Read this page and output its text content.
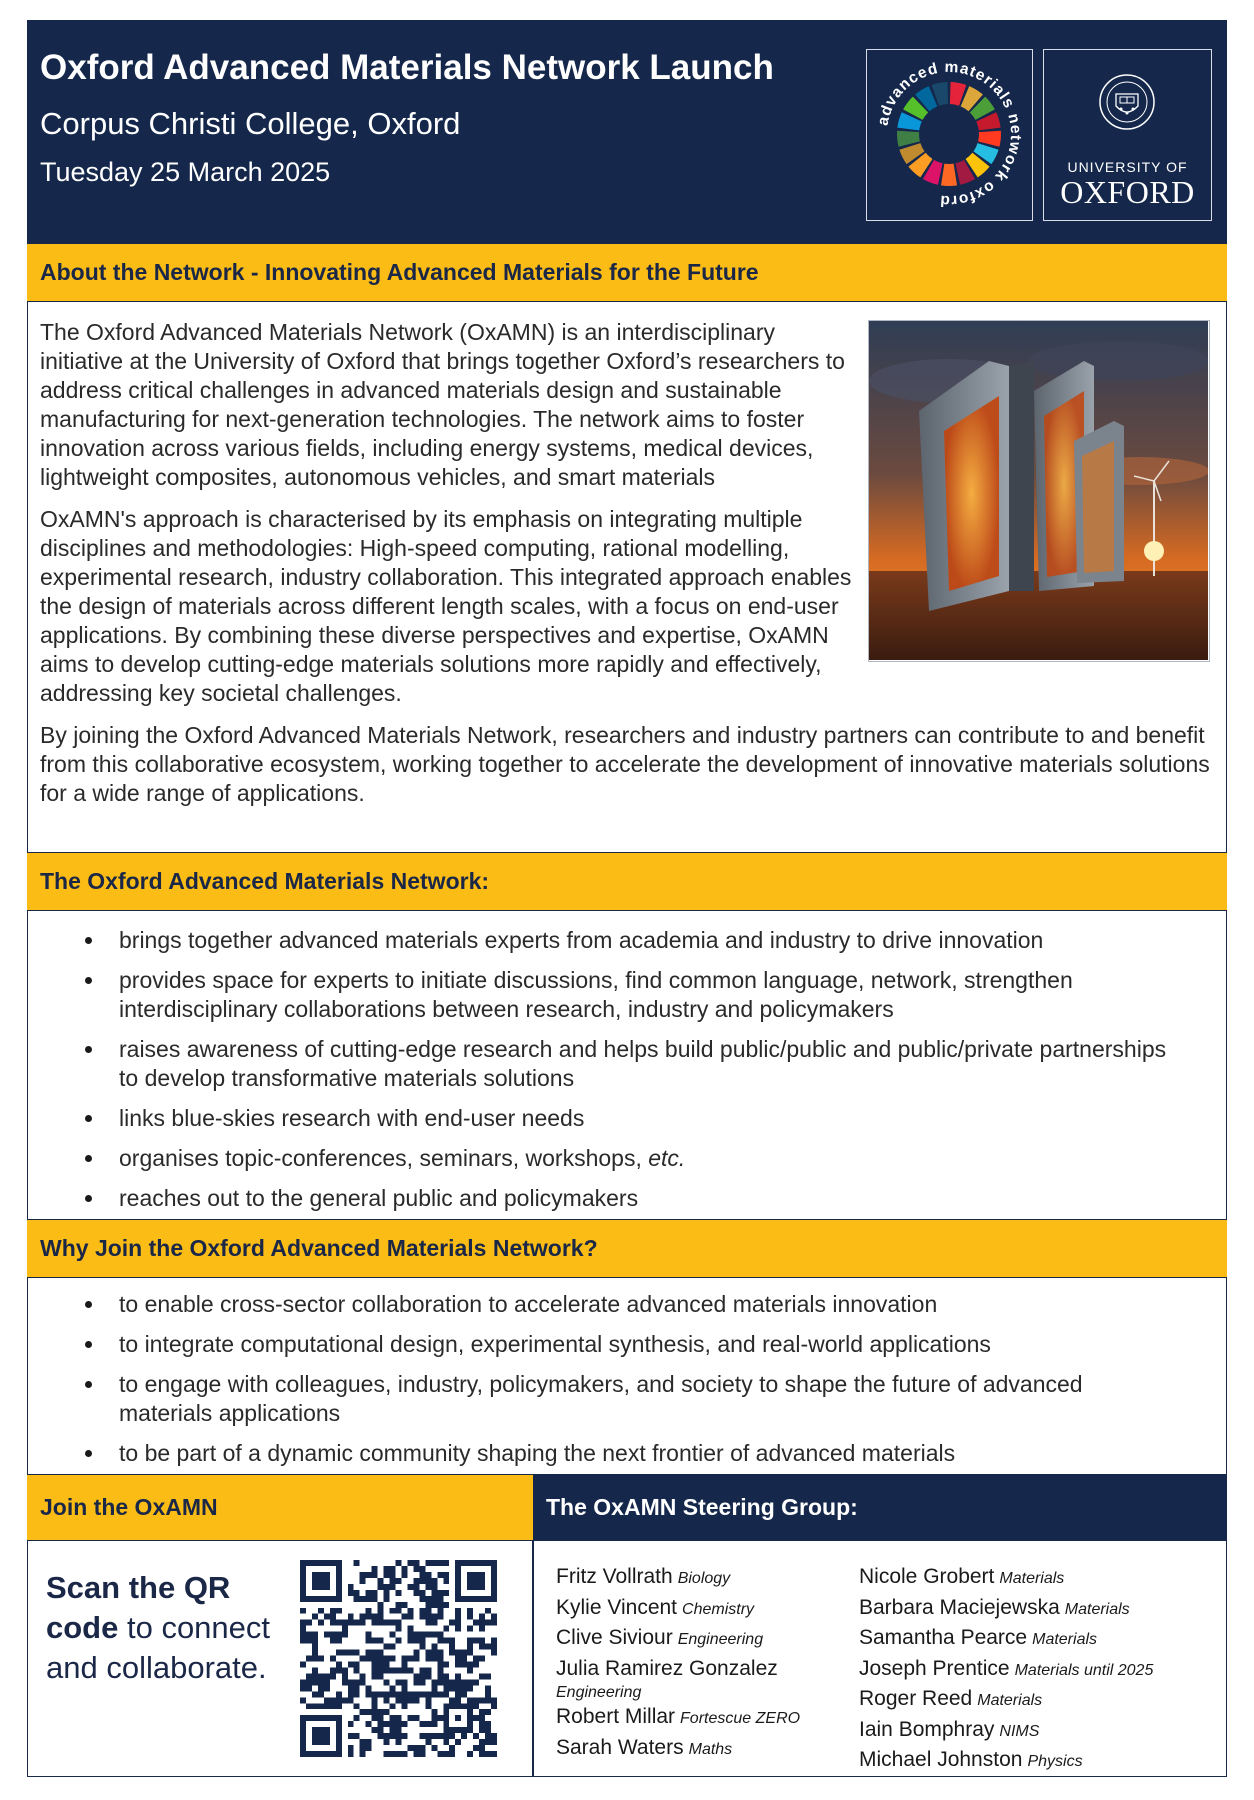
Oxford Advanced Materials Network Launch
Corpus Christi College, Oxford
Tuesday 25 March 2025
advanced materials network oxford
UNIVERSITY OF
OXFORD
About the Network - Innovating Advanced Materials for the Future

The Oxford Advanced Materials Network (OxAMN) is an interdisciplinary initiative at the University of Oxford that brings together Oxford’s researchers to address critical challenges in advanced materials design and sustainable manufacturing for next-generation technologies. The network aims to foster innovation across various fields, including energy systems, medical devices, lightweight composites, autonomous vehicles, and smart materials

OxAMN's approach is characterised by its emphasis on integrating multiple disciplines and methodologies: High-speed computing, rational modelling, experimental research, industry collaboration. This integrated approach enables the design of materials across different length scales, with a focus on end-user applications. By combining these diverse perspectives and expertise, OxAMN aims to develop cutting-edge materials solutions more rapidly and effectively, addressing key societal challenges.

By joining the Oxford Advanced Materials Network, researchers and industry partners can contribute to and benefit from this collaborative ecosystem, working together to accelerate the development of innovative materials solutions for a wide range of applications.

The Oxford Advanced Materials Network:
brings together advanced materials experts from academia and industry to drive innovation
provides space for experts to initiate discussions, find common language, network, strengthen interdisciplinary collaborations between research, industry and policymakers
raises awareness of cutting-edge research and helps build public/public and public/private partnerships to develop transformative materials solutions
links blue-skies research with end-user needs
organises topic-conferences, seminars, workshops, etc.
reaches out to the general public and policymakers
Why Join the Oxford Advanced Materials Network?
to enable cross-sector collaboration to accelerate advanced materials innovation
to integrate computational design, experimental synthesis, and real-world applications
to engage with colleagues, industry, policymakers, and society to shape the future of advanced materials applications
to be part of a dynamic community shaping the next frontier of advanced materials
Join the OxAMN	The OxAMN Steering Group:
Scan the QR code to connect and collaborate.
Fritz Vollrath Biology
Kylie Vincent Chemistry
Clive Siviour Engineering
Julia Ramirez Gonzalez
Engineering
Robert Millar Fortescue ZERO
Sarah Waters Maths
Nicole Grobert Materials
Barbara Maciejewska Materials
Samantha Pearce Materials
Joseph Prentice Materials until 2025
Roger Reed Materials
Iain Bomphray NIMS
Michael Johnston Physics
